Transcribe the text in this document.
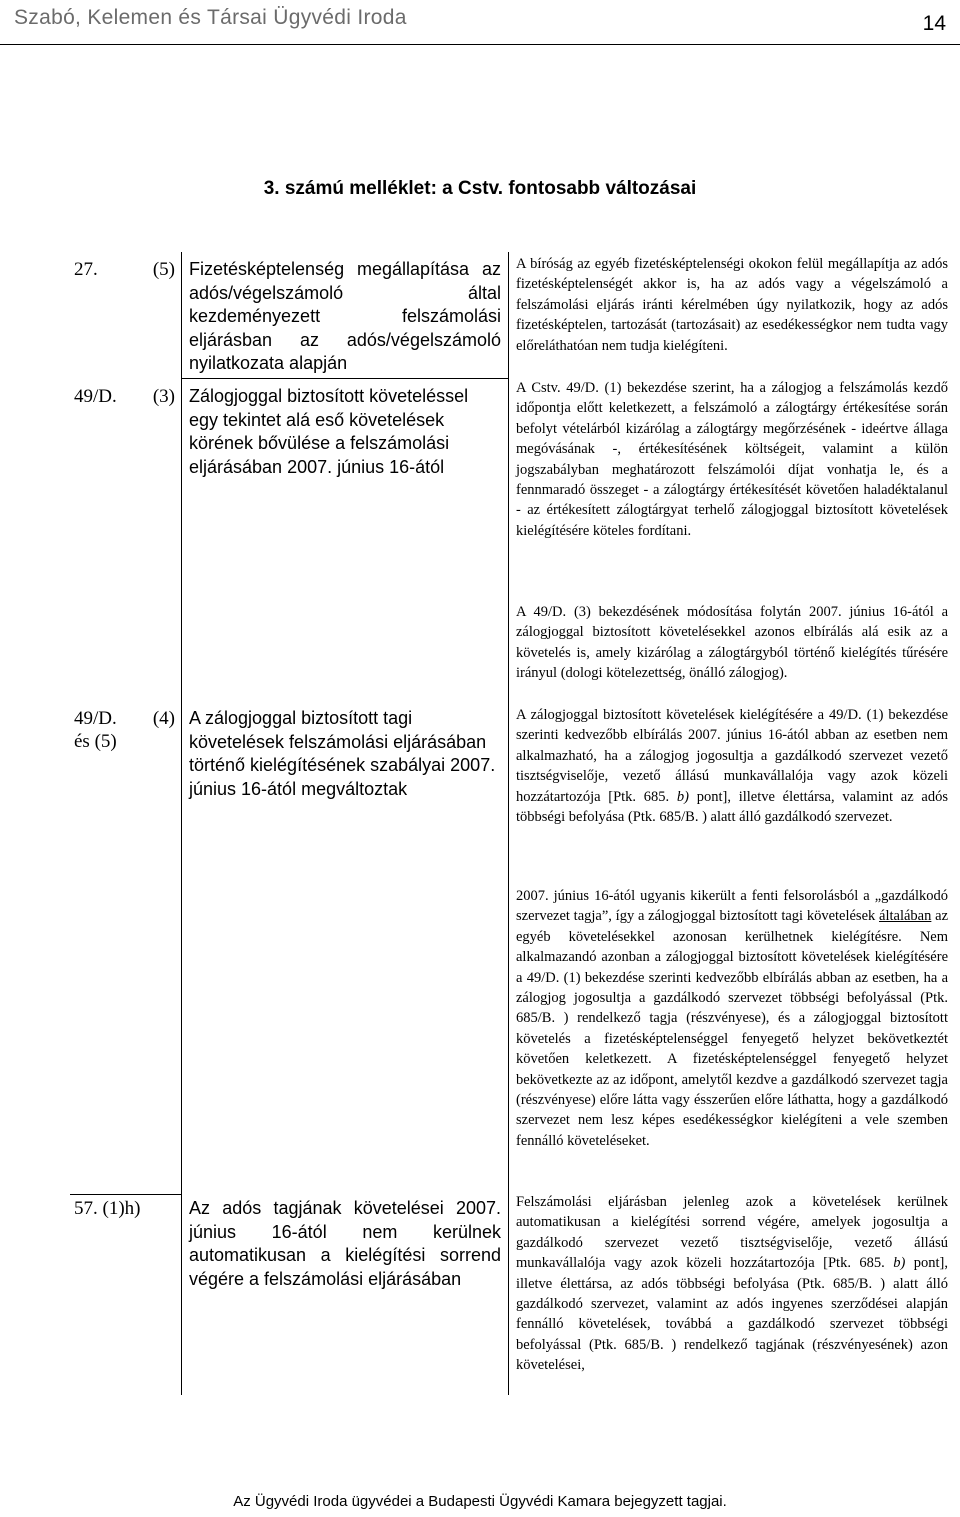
Szabó, Kelemen és Társai Ügyvédi Iroda	14
3. számú melléklet: a Cstv. fontosabb változásai
27. (5) Fizetésképtelenség megállapítása az adós/végelszámoló által kezdeményezett felszámolási eljárásban az adós/végelszámoló nyilatkozata alapján
A bíróság az egyéb fizetésképtelenségi okokon felül megállapítja az adós fizetésképtelenségét akkor is, ha az adós vagy a végelszámoló a felszámolási eljárás iránti kérelmében úgy nyilatkozik, hogy az adós fizetésképtelen, tartozását (tartozásait) az esedékességkor nem tudta vagy előreláthatóan nem tudja kielégíteni.
49/D. (3) Zálogjoggal biztosított követeléssel egy tekintet alá eső követelések körének bővülése a felszámolási eljárásában 2007. június 16-ától
A Cstv. 49/D. (1) bekezdése szerint, ha a zálogjog a felszámolás kezdő időpontja előtt keletkezett, a felszámoló a zálogtárgy értékesítése során befolyt vételárból kizárólag a zálogtárgy megőrzésének - ideértve állaga megóvásának -, értékesítésének költségeit, valamint a külön jogszabályban meghatározott felszámolói díjat vonhatja le, és a fennmaradó összeget - a zálogtárgy értékesítését követően haladéktalanul - az értékesített zálogtárgyat terhelő zálogjoggal biztosított követelések kielégítésére köteles fordítani.
A 49/D. (3) bekezdésének módosítása folytán 2007. június 16-ától a zálogjoggal biztosított követelésekkel azonos elbírálás alá esik az a követelés is, amely kizárólag a zálogtárgyból történő kielégítés tűrésére irányul (dologi kötelezettség, önálló zálogjog).
49/D. (4)
és (5)
A zálogjoggal biztosított tagi követelések felszámolási eljárásában történő kielégítésének szabályai 2007. június 16-ától megváltoztak
A zálogjoggal biztosított követelések kielégítésére a 49/D. (1) bekezdése szerinti kedvezőbb elbírálás 2007. június 16-ától abban az esetben nem alkalmazható, ha a zálogjog jogosultja a gazdálkodó szervezet vezető tisztségviselője, vezető állású munkavállalója vagy azok közeli hozzátartozója [Ptk. 685. b) pont], illetve élettársa, valamint az adós többségi befolyása (Ptk. 685/B. ) alatt álló gazdálkodó szervezet.
2007. június 16-ától ugyanis kikerült a fenti felsorolásból a „gazdálkodó szervezet tagja”, így a zálogjoggal biztosított tagi követelések általában az egyéb követelésekkel azonosan kerülhetnek kielégítésre. Nem alkalmazandó azonban a zálogjoggal biztosított követelések kielégítésére a 49/D. (1) bekezdése szerinti kedvezőbb elbírálás abban az esetben, ha a zálogjog jogosultja a gazdálkodó szervezet többségi befolyással (Ptk. 685/B. ) rendelkező tagja (részvényese), és a zálogjoggal biztosított követelés a fizetésképtelenséggel fenyegető helyzet bekövetkeztét követően keletkezett. A fizetésképtelenséggel fenyegető helyzet bekövetkezte az az időpont, amelytől kezdve a gazdálkodó szervezet tagja (részvényese) előre látta vagy ésszerűen előre láthatta, hogy a gazdálkodó szervezet nem lesz képes esedékességkor kielégíteni a vele szemben fennálló követeléseket.
57. (1)h)	Az adós tagjának követelései 2007. június 16-ától nem kerülnek automatikusan a kielégítési sorrend végére a felszámolási eljárásában
Felszámolási eljárásban jelenleg azok a követelések kerülnek automatikusan a kielégítési sorrend végére, amelyek jogosultja a gazdálkodó szervezet vezető tisztségviselője, vezető állású munkavállalója vagy azok közeli hozzátartozója [Ptk. 685. b) pont], illetve élettársa, az adós többségi befolyása (Ptk. 685/B. ) alatt álló gazdálkodó szervezet, valamint az adós ingyenes szerződései alapján fennálló követelések, továbbá a gazdálkodó szervezet többségi befolyással (Ptk. 685/B. ) rendelkező tagjának (részvényesének) azon követelései,
Az Ügyvédi Iroda ügyvédei a Budapesti Ügyvédi Kamara bejegyzett tagjai.
